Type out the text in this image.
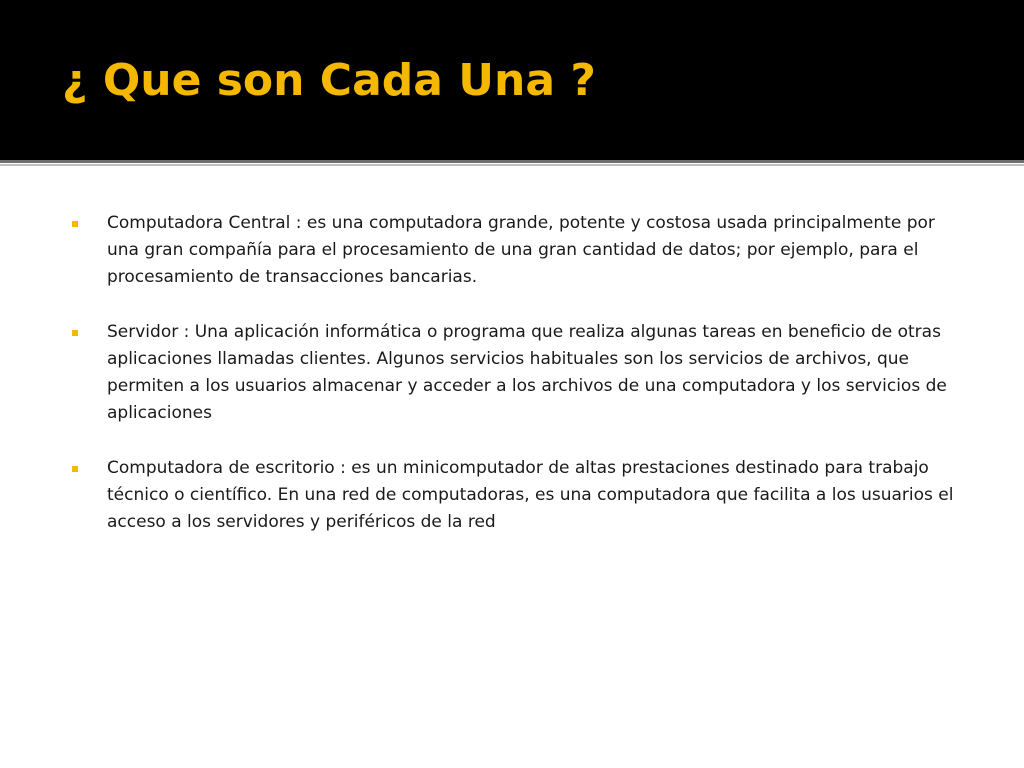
¿ Que son Cada Una ?
Computadora Central : es una computadora grande, potente y costosa usada principalmente por una gran compañía para el procesamiento de una gran cantidad de datos; por ejemplo, para el procesamiento de transacciones bancarias.
Servidor : Una aplicación informática o programa que realiza algunas tareas en beneficio de otras aplicaciones llamadas clientes. Algunos servicios habituales son los servicios de archivos, que permiten a los usuarios almacenar y acceder a los archivos de una computadora y los servicios de aplicaciones
Computadora de escritorio : es un minicomputador de altas prestaciones destinado para trabajo técnico o científico. En una red de computadoras, es una computadora que facilita a los usuarios el acceso a los servidores y periféricos de la red
